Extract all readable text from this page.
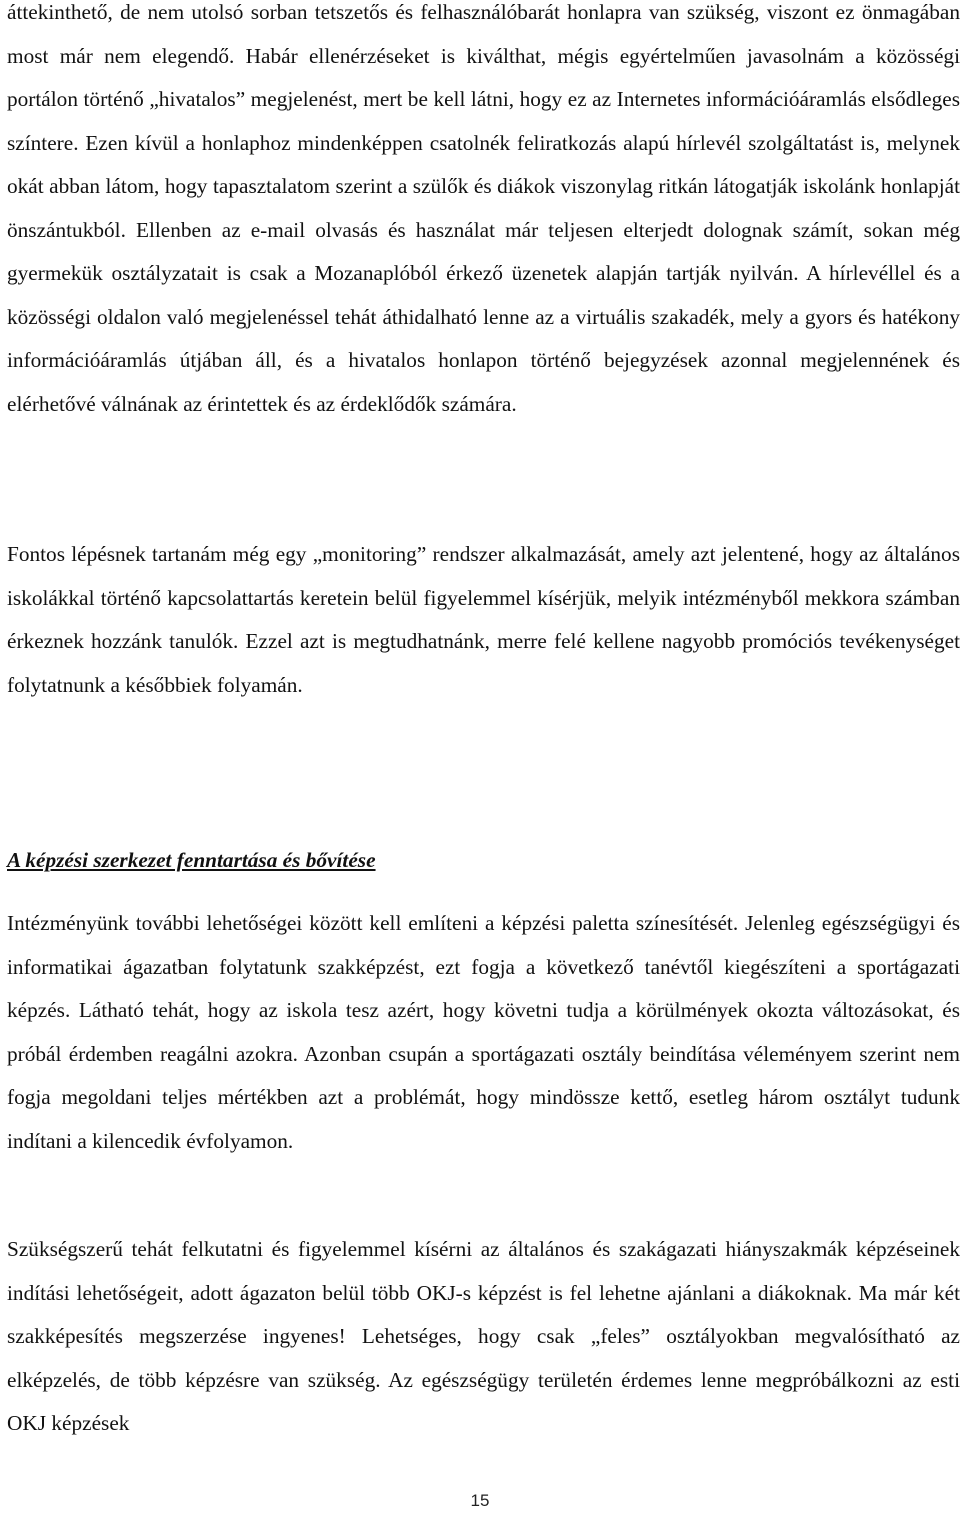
áttekinthető, de nem utolsó sorban tetszetős és felhasználóbarát honlapra van szükség, viszont ez önmagában most már nem elegendő. Habár ellenérzéseket is kiválthat, mégis egyértelműen javasolnám a közösségi portálon történő „hivatalos” megjelenést, mert be kell látni, hogy ez az Internetes információáramlás elsődleges színtere. Ezen kívül a honlaphoz mindenképpen csatolnék feliratkozás alapú hírlevél szolgáltatást is, melynek okát abban látom, hogy tapasztalatom szerint a szülők és diákok viszonylag ritkán látogatják iskolánk honlapját önszántukból. Ellenben az e-mail olvasás és használat már teljesen elterjedt dolognak számít, sokan még gyermekük osztályzatait is csak a Mozanaplóból érkező üzenetek alapján tartják nyilván. A hírlevéllel és a közösségi oldalon való megjelenéssel tehát áthidalható lenne az a virtuális szakadék, mely a gyors és hatékony információáramlás útjában áll, és a hivatalos honlapon történő bejegyzések azonnal megjelennének és elérhetővé válnának az érintettek és az érdeklődők számára.

Fontos lépésnek tartanám még egy „monitoring” rendszer alkalmazását, amely azt jelentené, hogy az általános iskolákkal történő kapcsolattartás keretein belül figyelemmel kísérjük, melyik intézményből mekkora számban érkeznek hozzánk tanulók. Ezzel azt is megtudhatnánk, merre felé kellene nagyobb promóciós tevékenységet folytatnunk a későbbiek folyamán.

A képzési szerkezet fenntartása és bővítése

Intézményünk további lehetőségei között kell említeni a képzési paletta színesítését. Jelenleg egészségügyi és informatikai ágazatban folytatunk szakképzést, ezt fogja a következő tanévtől kiegészíteni a sportágazati képzés. Látható tehát, hogy az iskola tesz azért, hogy követni tudja a körülmények okozta változásokat, és próbál érdemben reagálni azokra. Azonban csupán a sportágazati osztály beindítása véleményem szerint nem fogja megoldani teljes mértékben azt a problémát, hogy mindössze kettő, esetleg három osztályt tudunk indítani a kilencedik évfolyamon.

Szükségszerű tehát felkutatni és figyelemmel kísérni az általános és szakágazati hiányszakmák képzéseinek indítási lehetőségeit, adott ágazaton belül több OKJ-s képzést is fel lehetne ajánlani a diákoknak. Ma már két szakképesítés megszerzése ingyenes! Lehetséges, hogy csak „feles” osztályokban megvalósítható az elképzelés, de több képzésre van szükség. Az egészségügy területén érdemes lenne megpróbálkozni az esti OKJ képzések

15
